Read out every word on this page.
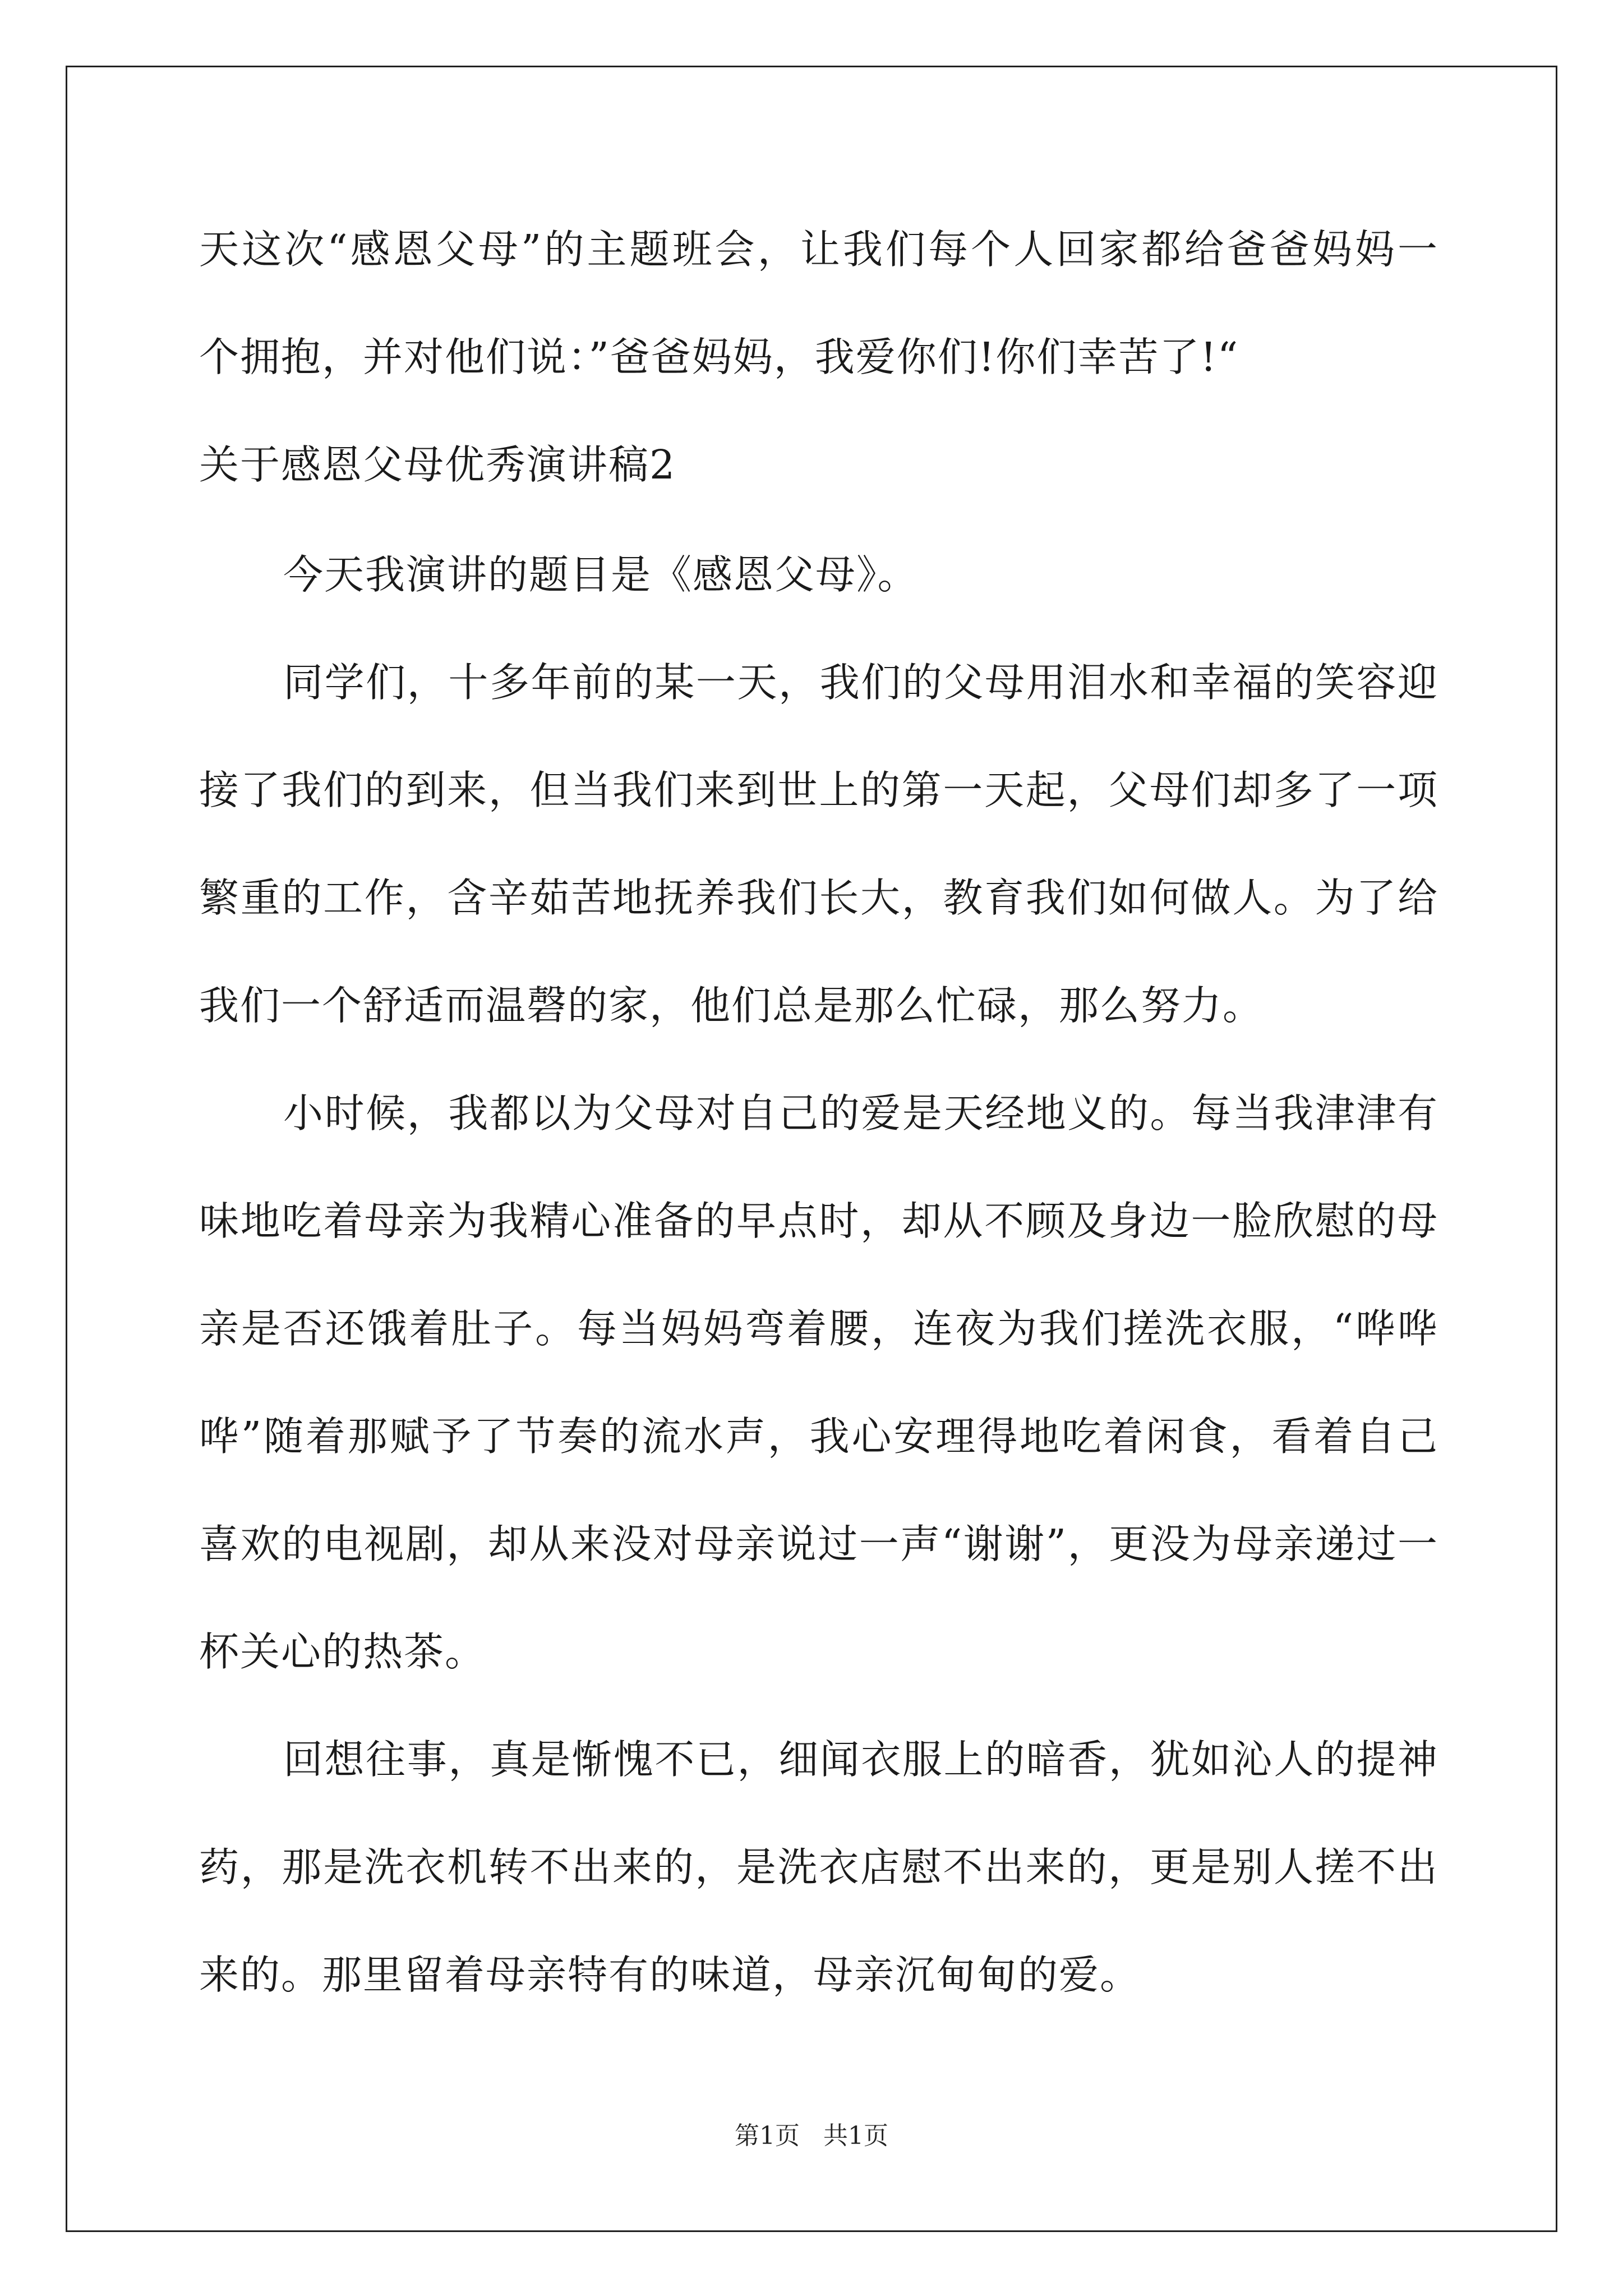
天这次“感恩父母”的主题班会，让我们每个人回家都给爸爸妈妈一
个拥抱，并对他们说：”爸爸妈妈，我爱你们!你们幸苦了!“
关于感恩父母优秀演讲稿2
今天我演讲的题目是《感恩父母》。
同学们，十多年前的某一天，我们的父母用泪水和幸福的笑容迎
接了我们的到来，但当我们来到世上的第一天起，父母们却多了一项
繁重的工作，含辛茹苦地抚养我们长大，教育我们如何做人。为了给
我们一个舒适而温磬的家，他们总是那么忙碌，那么努力。
小时候，我都以为父母对自己的爱是天经地义的。每当我津津有
味地吃着母亲为我精心准备的早点时，却从不顾及身边一脸欣慰的母
亲是否还饿着肚子。每当妈妈弯着腰，连夜为我们搓洗衣服，“哗哗
哗”随着那赋予了节奏的流水声，我心安理得地吃着闲食，看着自己
喜欢的电视剧，却从来没对母亲说过一声“谢谢”，更没为母亲递过一
杯关心的热茶。
回想往事，真是惭愧不已，细闻衣服上的暗香，犹如沁人的提神
药，那是洗衣机转不出来的，是洗衣店慰不出来的，更是别人搓不出
来的。那里留着母亲特有的味道，母亲沉甸甸的爱。
第1页   共1页
